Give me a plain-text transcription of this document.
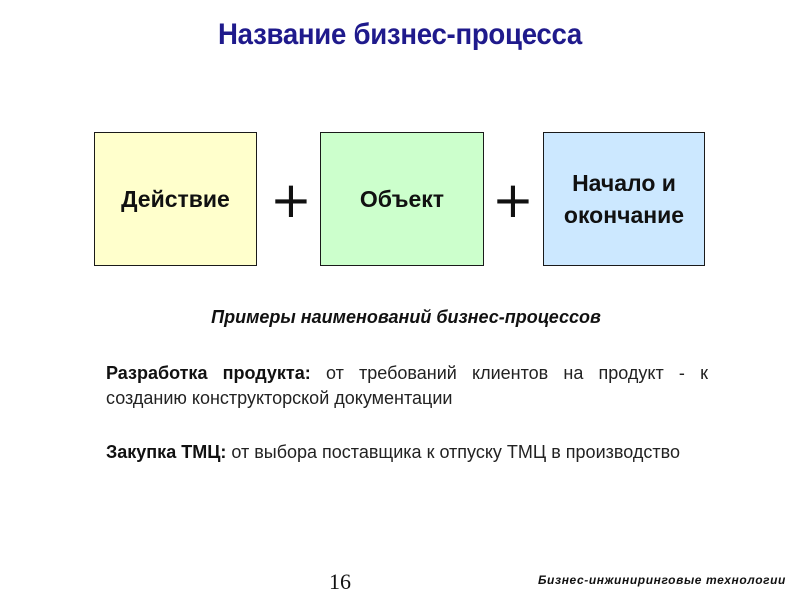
Название бизнес-процесса
Действие +	Объект +	Начало и окончание
Примеры наименований бизнес-процессов
Разработка продукта: от требований клиентов на продукт - к созданию конструкторской документации
Закупка ТМЦ: от выбора поставщика к отпуску ТМЦ в производство
16	Бизнес-инжиниринговые технологии
